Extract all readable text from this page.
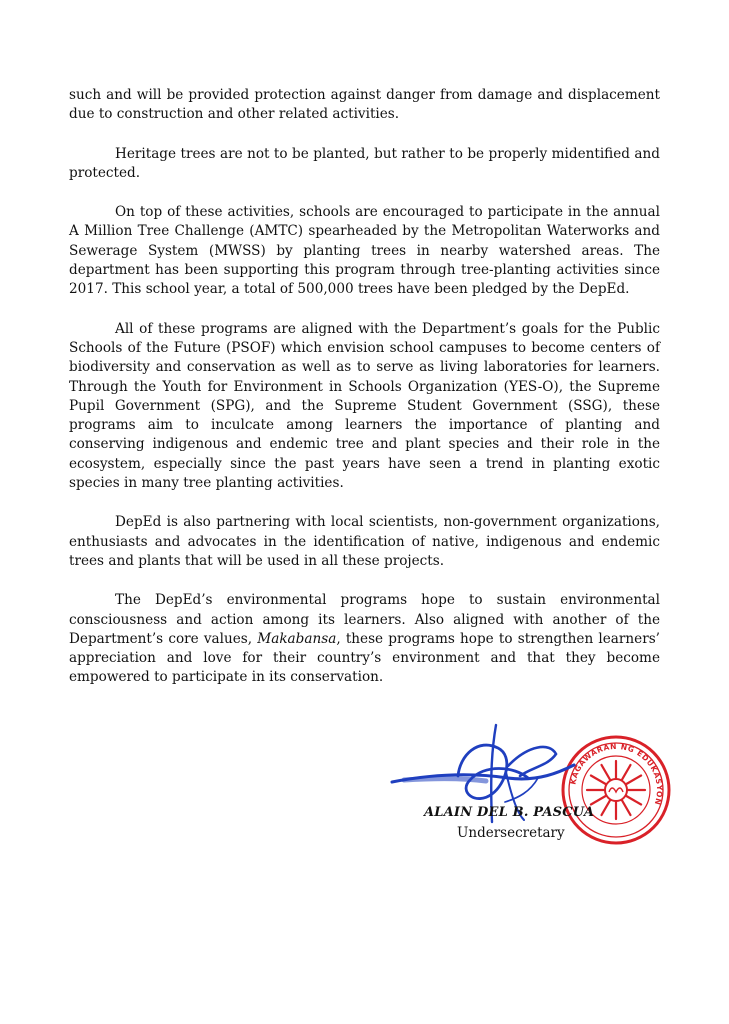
such and will be provided protection against danger from damage and displacement due to construction and other related activities.

Heritage trees are not to be planted, but rather to be properly midentified and protected.

On top of these activities, schools are encouraged to participate in the annual A Million Tree Challenge (AMTC) spearheaded by the Metropolitan Waterworks and Sewerage System (MWSS) by planting trees in nearby watershed areas. The department has been supporting this program through tree-planting activities since 2017. This school year, a total of 500,000 trees have been pledged by the DepEd.

All of these programs are aligned with the Department’s goals for the Public Schools of the Future (PSOF) which envision school campuses to become centers of biodiversity and conservation as well as to serve as living laboratories for learners. Through the Youth for Environment in Schools Organization (YES-O), the Supreme Pupil Government (SPG), and the Supreme Student Government (SSG), these programs aim to inculcate among learners the importance of planting and conserving indigenous and endemic tree and plant species and their role in the ecosystem, especially since the past years have seen a trend in planting exotic species in many tree planting activities.

DepEd is also partnering with local scientists, non-government organizations, enthusiasts and advocates in the identification of native, indigenous and endemic trees and plants that will be used in all these projects.

The DepEd’s environmental programs hope to sustain environmental consciousness and action among its learners. Also aligned with another of the Department’s core values, Makabansa, these programs hope to strengthen learners’ appreciation and love for their country’s environment and that they become empowered to participate in its conservation.

KAGAWARAN NG EDUKASYON
ALAIN DEL B. PASCUA
Undersecretary
